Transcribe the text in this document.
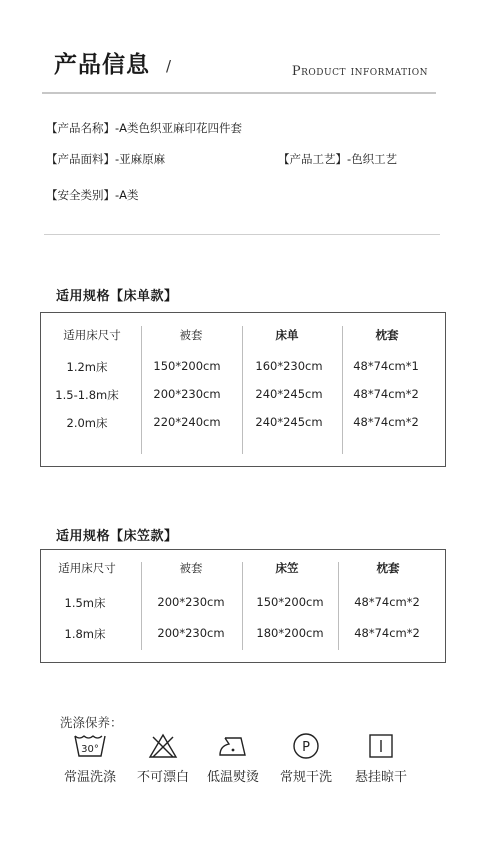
产品信息 /	Product information
【产品名称】-A类色织亚麻印花四件套
【产品面料】-亚麻原麻	【产品工艺】-色织工艺
【安全类别】-A类
适用规格【床单款】
适用床尺寸	被套	床单	枕套
1.2m床	150*200cm	160*230cm	48*74cm*1
1.5-1.8m床	200*230cm	240*245cm	48*74cm*2
2.0m床	220*240cm	240*245cm	48*74cm*2
适用规格【床笠款】
适用床尺寸	被套	床笠	枕套
1.5m床	200*230cm	150*200cm	48*74cm*2
1.8m床	200*230cm	180*200cm	48*74cm*2
洗涤保养：
30°	P
常温洗涤 不可漂白 低温熨烫 常规干洗 悬挂晾干
